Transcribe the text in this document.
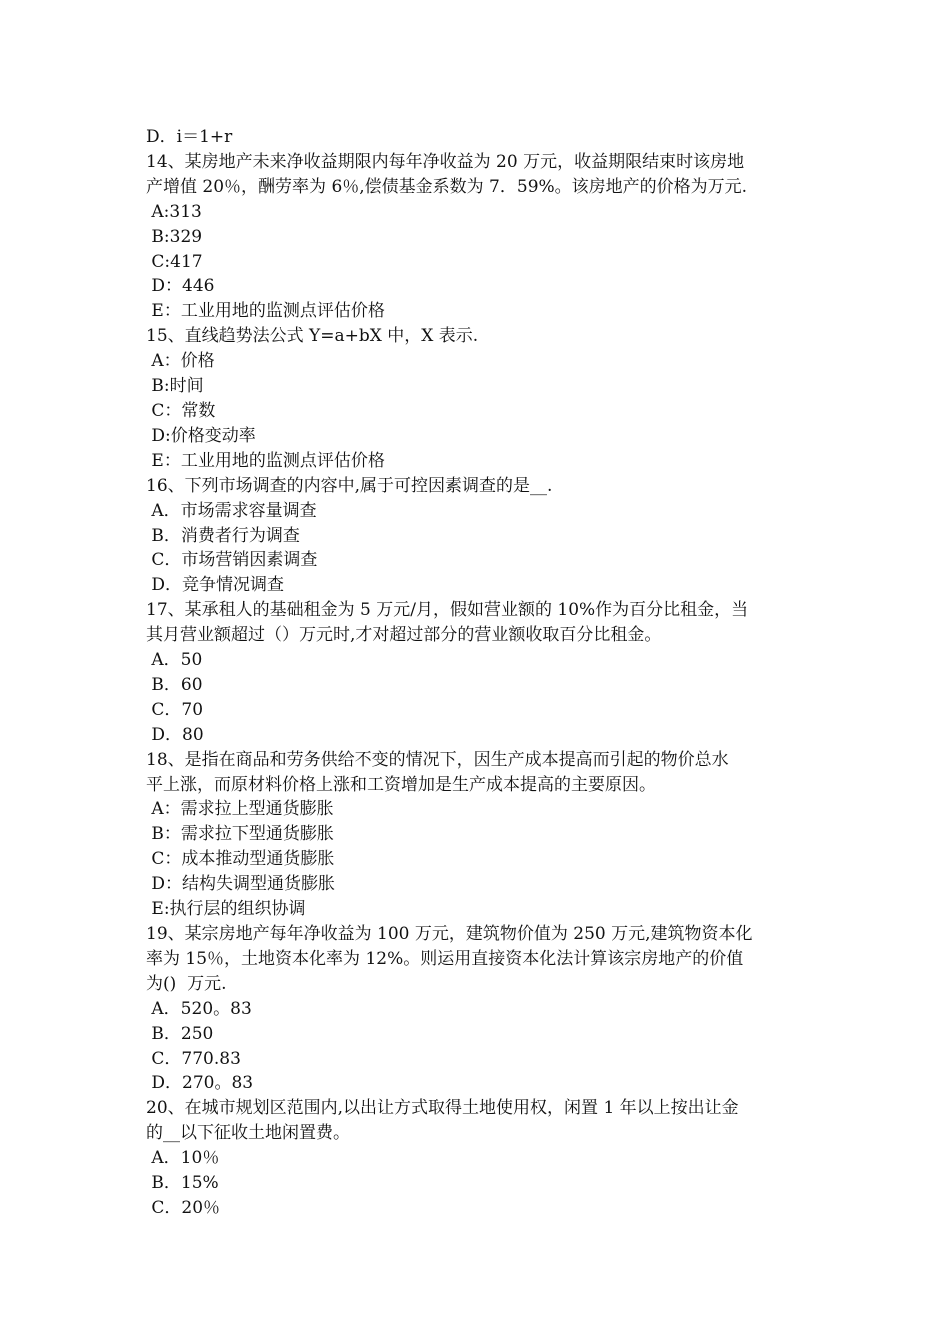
D．i＝1+r

14、某房地产未来净收益期限内每年净收益为 20 万元，收益期限结束时该房地

产增值 20％，酬劳率为 6％,偿债基金系数为 7．59%。该房地产的价格为万元.

A:313

B:329

C:417

D：446

E：工业用地的监测点评估价格

15、直线趋势法公式 Y=a+bX 中，X 表示.

A：价格

B:时间

C：常数

D:价格变动率

E：工业用地的监测点评估价格

16、下列市场调查的内容中,属于可控因素调查的是__.

A．市场需求容量调查

B．消费者行为调查

C．市场营销因素调查

D．竞争情况调查

17、某承租人的基础租金为 5 万元/月，假如营业额的 10%作为百分比租金，当

其月营业额超过（）万元时,才对超过部分的营业额收取百分比租金。

A．50

B．60

C．70

D．80

18、是指在商品和劳务供给不变的情况下，因生产成本提高而引起的物价总水

平上涨，而原材料价格上涨和工资增加是生产成本提高的主要原因。

A：需求拉上型通货膨胀

B：需求拉下型通货膨胀

C：成本推动型通货膨胀

D：结构失调型通货膨胀

E:执行层的组织协调

19、某宗房地产每年净收益为 100 万元，建筑物价值为 250 万元,建筑物资本化

率为 15％，土地资本化率为 12%。则运用直接资本化法计算该宗房地产的价值

为()  万元.

A．520。83

B．250

C．770.83

D．270。83

20、在城市规划区范围内,以出让方式取得土地使用权，闲置 1 年以上按出让金

的__以下征收土地闲置费。

A．10％

B．15%

C．20％
